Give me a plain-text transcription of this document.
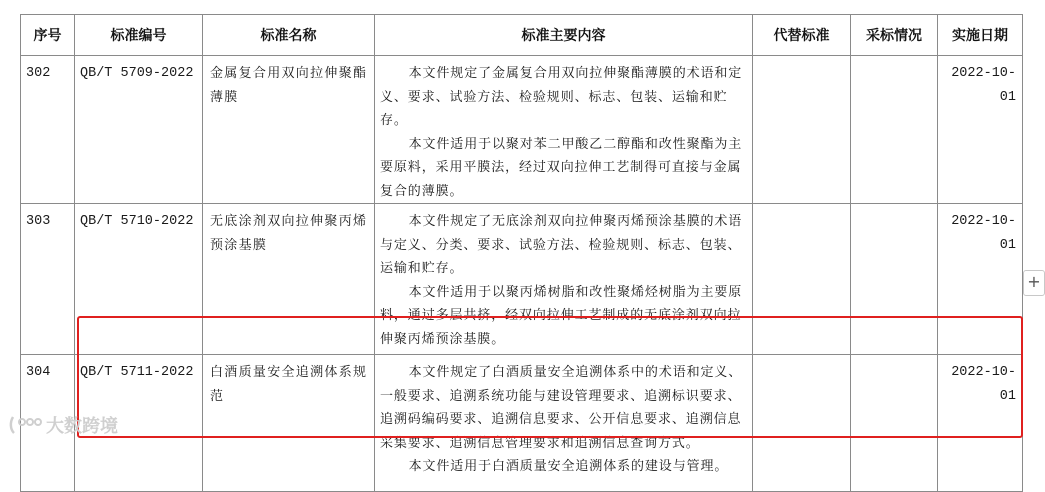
序号	标准编号	标准名称	标准主要内容	代替标准	采标情况	实施日期
302	QB/T 5709-2022	金属复合用双向拉伸聚酯薄膜	本文件规定了金属复合用双向拉伸聚酯薄膜的术语和定义、要求、试验方法、检验规则、标志、包装、运输和贮存。

本文件适用于以聚对苯二甲酸乙二醇酯和改性聚酯为主要原料，采用平膜法，经过双向拉伸工艺制得可直接与金属复合的薄膜。			2022-10-01
303	QB/T 5710-2022	无底涂剂双向拉伸聚丙烯预涂基膜	本文件规定了无底涂剂双向拉伸聚丙烯预涂基膜的术语与定义、分类、要求、试验方法、检验规则、标志、包装、运输和贮存。

本文件适用于以聚丙烯树脂和改性聚烯烃树脂为主要原料，通过多层共挤，经双向拉伸工艺制成的无底涂剂双向拉伸聚丙烯预涂基膜。			2022-10-01
304	QB/T 5711-2022	白酒质量安全追溯体系规范	本文件规定了白酒质量安全追溯体系中的术语和定义、一般要求、追溯系统功能与建设管理要求、追溯标识要求、追溯码编码要求、追溯信息要求、公开信息要求、追溯信息采集要求、追溯信息管理要求和追溯信息查询方式。

本文件适用于白酒质量安全追溯体系的建设与管理。			2022-10-01
+
大数跨境
